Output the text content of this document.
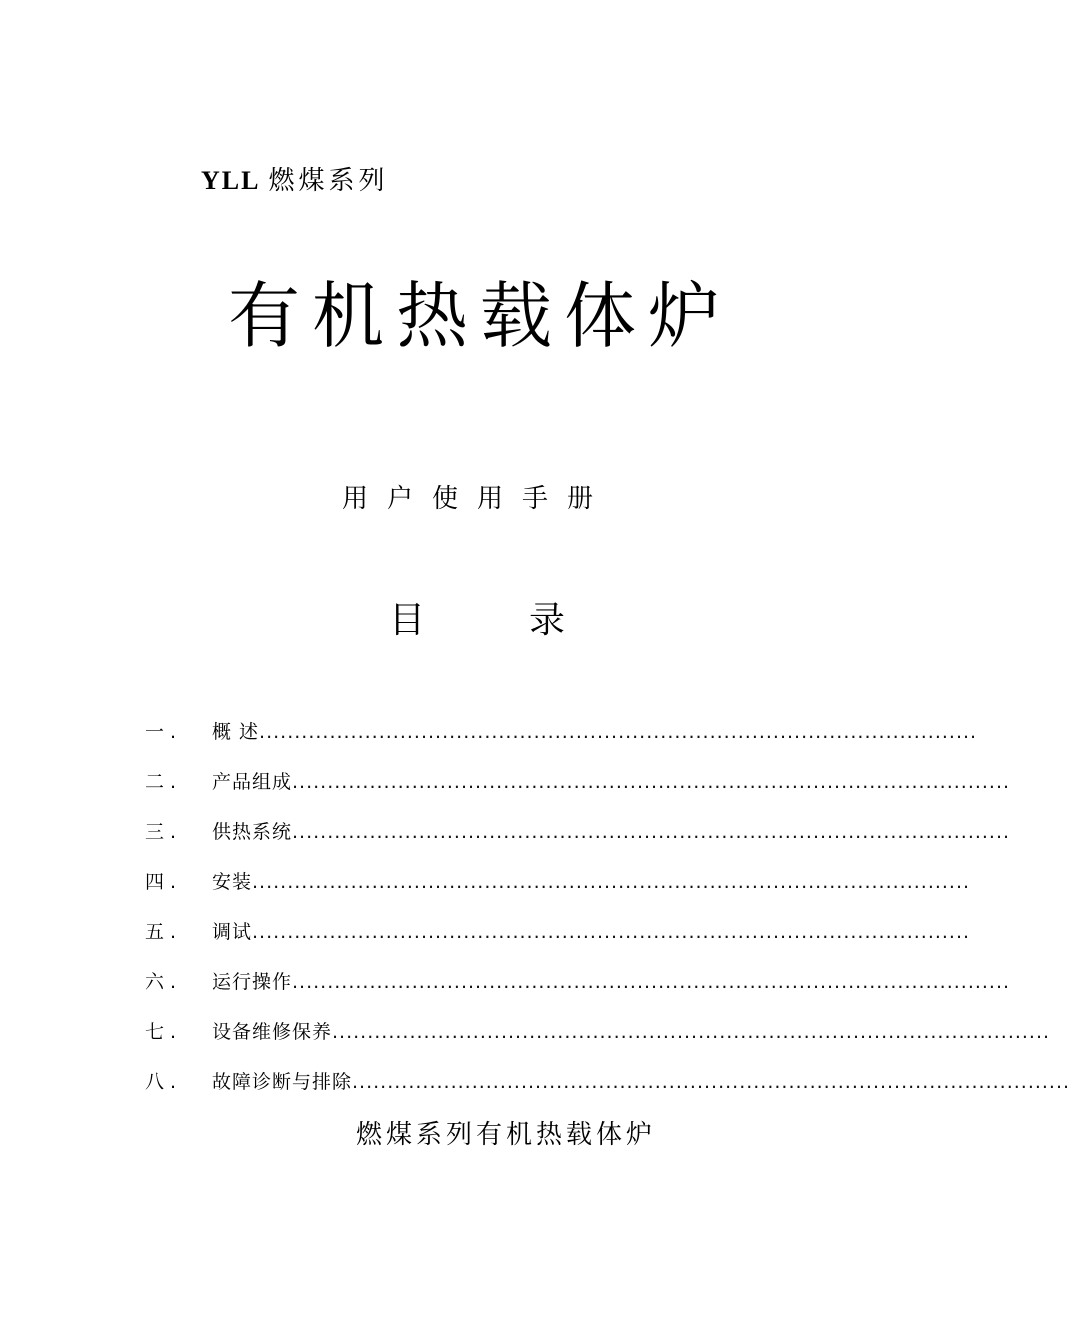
YLL 燃煤系列
有机热载体炉
用户使用手册
目	录
一 .	概 述 ......................................................................................................
二 .	产品组成 ......................................................................................................
三 .	供热系统 ......................................................................................................
四 .	安装 ......................................................................................................
五 .	调试 ......................................................................................................
六 .	运行操作 ......................................................................................................
七 .	设备维修保养 ......................................................................................................
八 .	故障诊断与排除 ......................................................................................................
燃煤系列有机热载体炉
